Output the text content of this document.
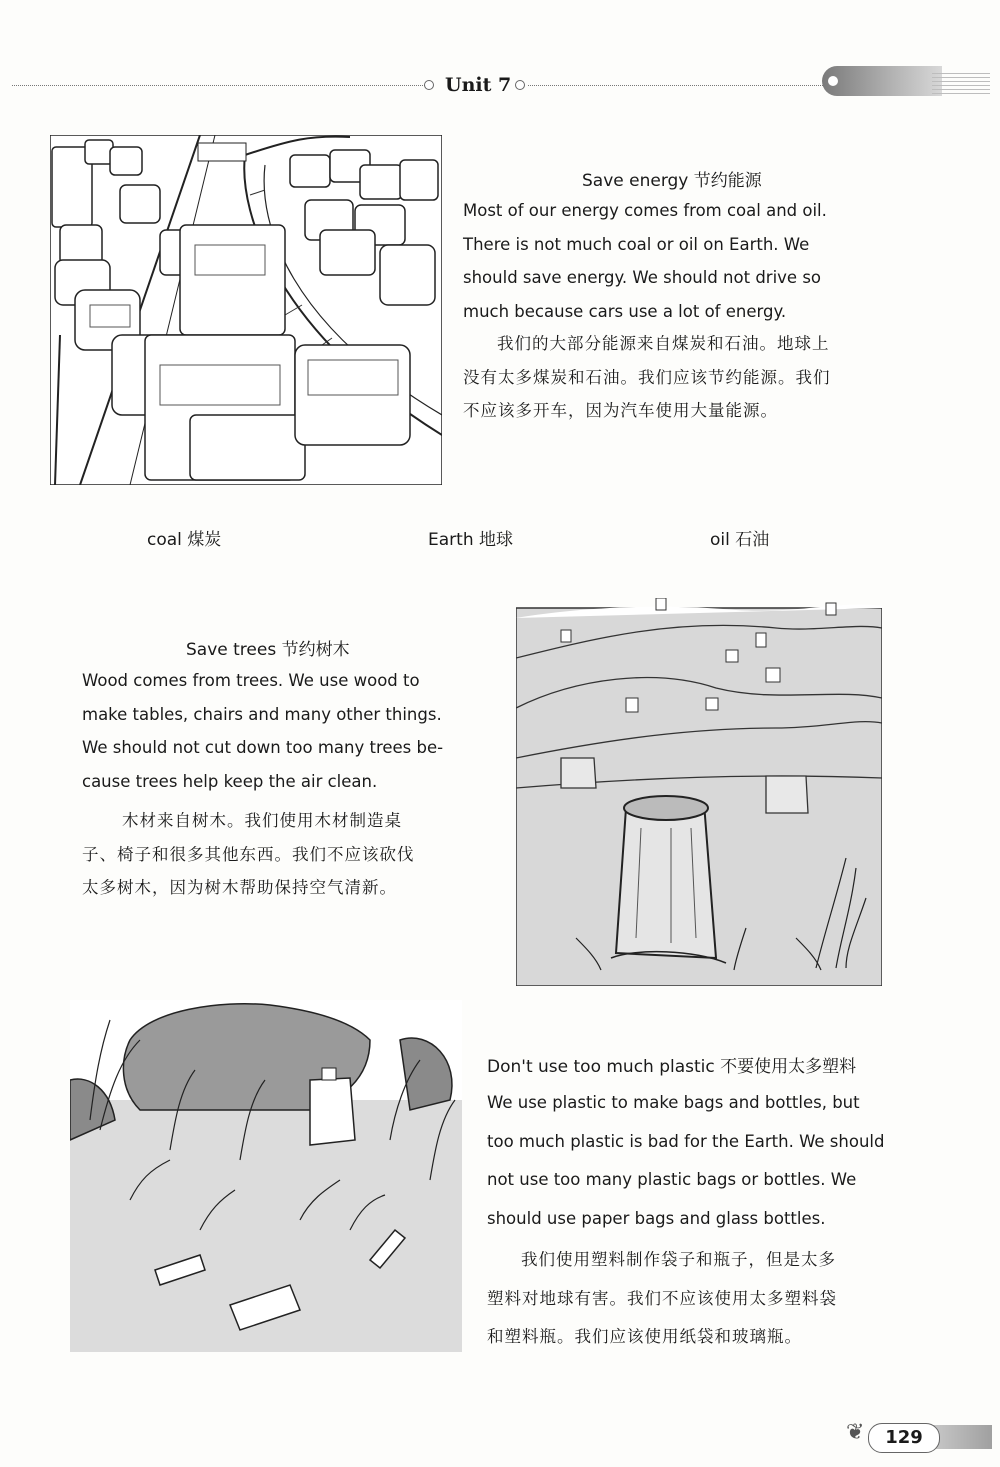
Unit 7
Save energy 节约能源
Most of our energy comes from coal and oil.
There is not much coal or oil on Earth. We
should save energy. We should not drive so
much because cars use a lot of energy.
我们的大部分能源来自煤炭和石油。地球上
没有太多煤炭和石油。我们应该节约能源。我们
不应该多开车，因为汽车使用大量能源。
coal 煤炭	Earth 地球	oil 石油
Save trees 节约树木
Wood comes from trees. We use wood to
make tables, chairs and many other things.
We should not cut down too many trees be-
cause trees help keep the air clean.
木材来自树木。我们使用木材制造桌
子、椅子和很多其他东西。我们不应该砍伐
太多树木，因为树木帮助保持空气清新。
Don't use too much plastic 不要使用太多塑料
We use plastic to make bags and bottles, but
too much plastic is bad for the Earth. We should
not use too many plastic bags or bottles. We
should use paper bags and glass bottles.
我们使用塑料制作袋子和瓶子，但是太多
塑料对地球有害。我们不应该使用太多塑料袋
和塑料瓶。我们应该使用纸袋和玻璃瓶。
❦	129
